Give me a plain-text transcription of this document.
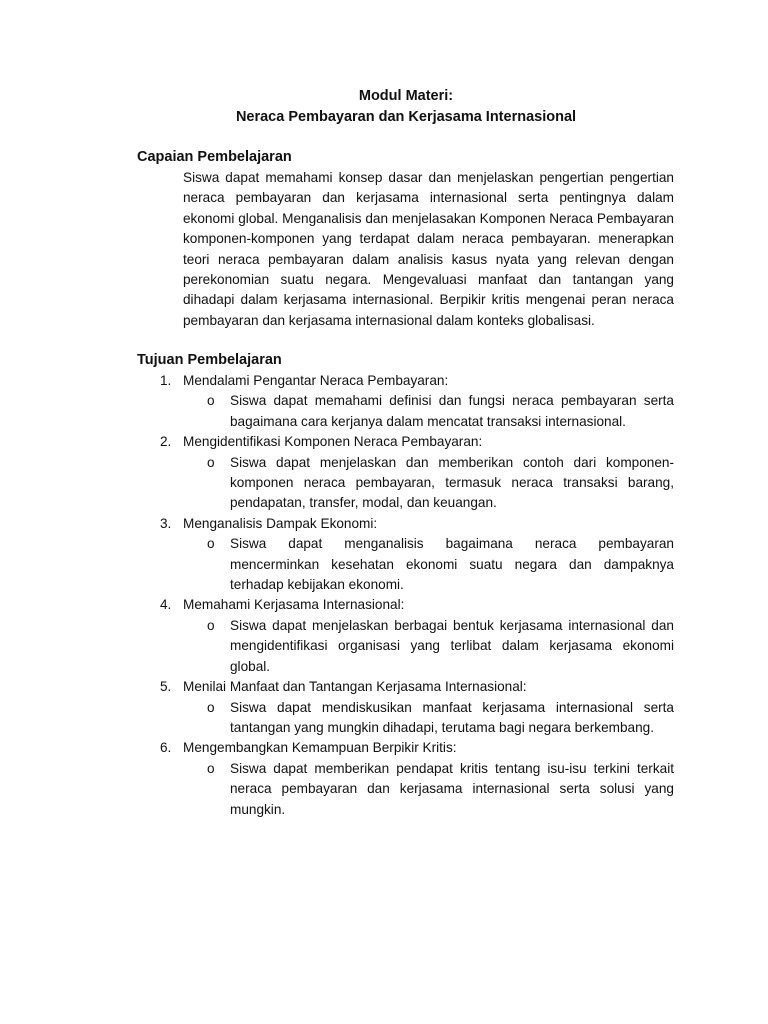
Modul Materi:
Neraca Pembayaran dan Kerjasama Internasional
Capaian Pembelajaran
Siswa dapat memahami konsep dasar dan menjelaskan pengertian pengertian neraca pembayaran dan kerjasama internasional serta pentingnya dalam ekonomi global. Menganalisis dan menjelasakan Komponen Neraca Pembayaran komponen-komponen yang terdapat dalam neraca pembayaran. menerapkan teori neraca pembayaran dalam analisis kasus nyata yang relevan dengan perekonomian suatu negara. Mengevaluasi manfaat dan tantangan yang dihadapi dalam kerjasama internasional. Berpikir kritis mengenai peran neraca pembayaran dan kerjasama internasional dalam konteks globalisasi.
Tujuan Pembelajaran
1. Mendalami Pengantar Neraca Pembayaran:
o Siswa dapat memahami definisi dan fungsi neraca pembayaran serta bagaimana cara kerjanya dalam mencatat transaksi internasional.
2. Mengidentifikasi Komponen Neraca Pembayaran:
o Siswa dapat menjelaskan dan memberikan contoh dari komponen-komponen neraca pembayaran, termasuk neraca transaksi barang, pendapatan, transfer, modal, dan keuangan.
3. Menganalisis Dampak Ekonomi:
o Siswa dapat menganalisis bagaimana neraca pembayaran mencerminkan kesehatan ekonomi suatu negara dan dampaknya terhadap kebijakan ekonomi.
4. Memahami Kerjasama Internasional:
o Siswa dapat menjelaskan berbagai bentuk kerjasama internasional dan mengidentifikasi organisasi yang terlibat dalam kerjasama ekonomi global.
5. Menilai Manfaat dan Tantangan Kerjasama Internasional:
o Siswa dapat mendiskusikan manfaat kerjasama internasional serta tantangan yang mungkin dihadapi, terutama bagi negara berkembang.
6. Mengembangkan Kemampuan Berpikir Kritis:
o Siswa dapat memberikan pendapat kritis tentang isu-isu terkini terkait neraca pembayaran dan kerjasama internasional serta solusi yang mungkin.
